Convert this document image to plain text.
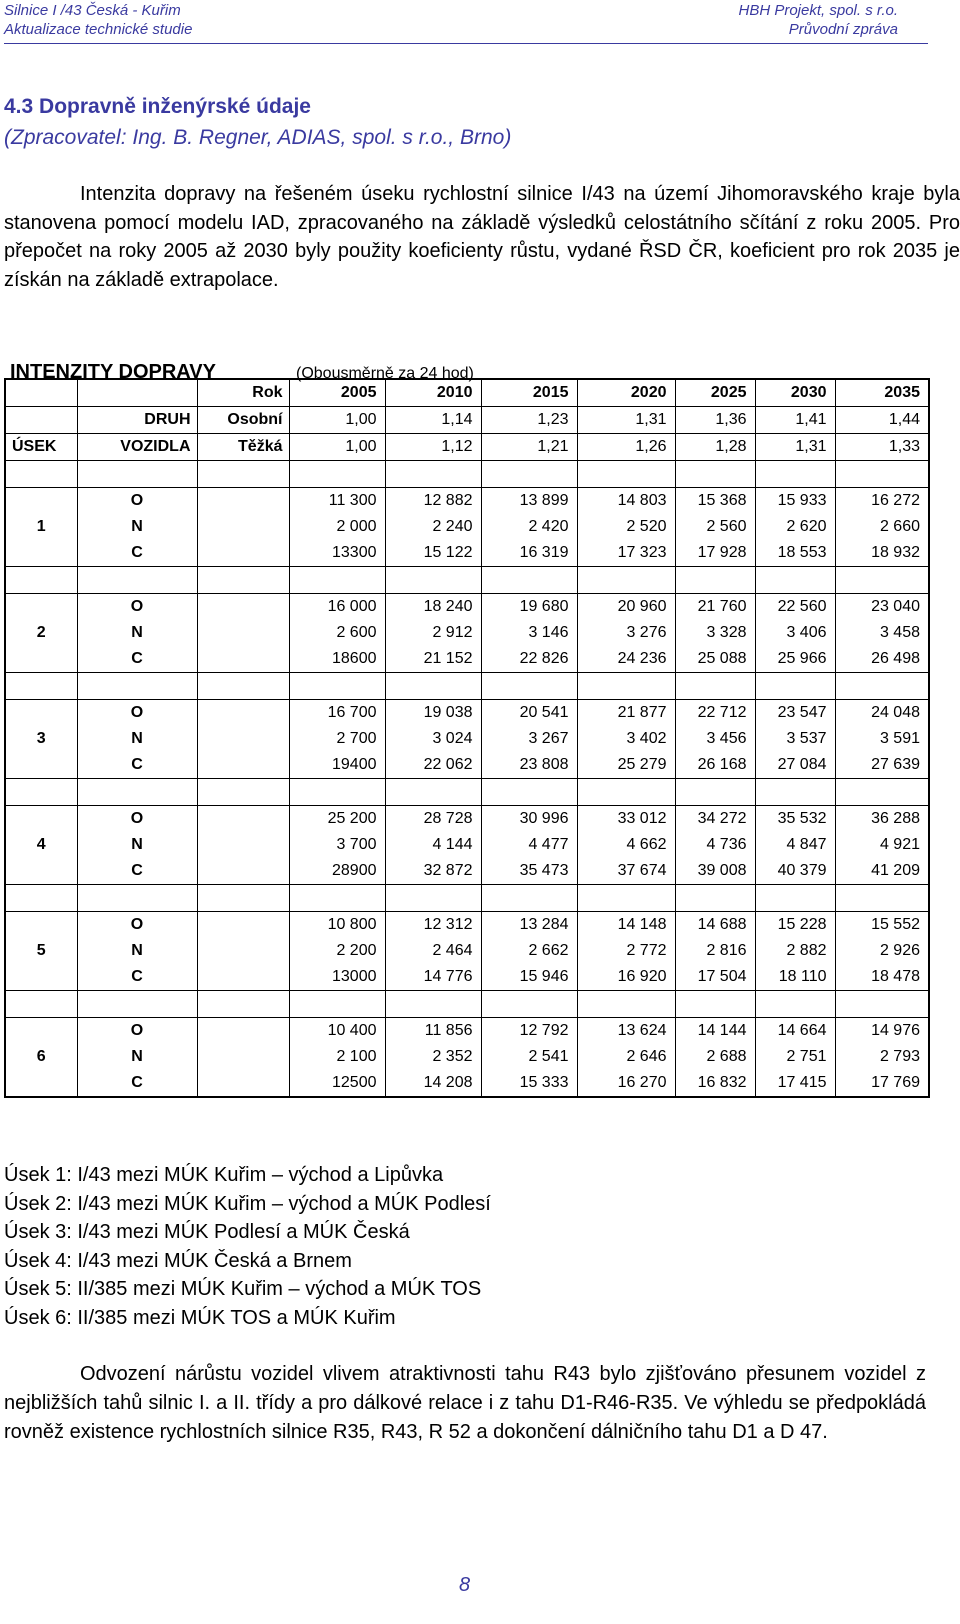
Silnice I /43 Česká - Kuřim
Aktualizace technické studie
HBH Projekt, spol. s r.o.
Průvodní zpráva
4.3 Dopravně inženýrské údaje
(Zpracovatel: Ing. B. Regner, ADIAS, spol. s r.o., Brno)

Intenzita dopravy na řešeném úseku rychlostní silnice I/43 na území Jihomoravského kraje byla stanovena pomocí modelu IAD, zpracovaného na základě výsledků celostátního sčítání z roku 2005. Pro přepočet na roky 2005 až 2030 byly použity koeficienty růstu, vydané ŘSD ČR, koeficient pro rok 2035 je získán na základě extrapolace.

INTENZITY DOPRAVY	(Obousměrně za 24 hod)
		Rok	2005	2010	2015	2020	2025	2030	2035
	DRUH	Osobní	1,00	1,14	1,23	1,31	1,36	1,41	1,44
ÚSEK	VOZIDLA	Těžká	1,00	1,12	1,21	1,26	1,28	1,31	1,33

	O		11 300	12 882	13 899	14 803	15 368	15 933	16 272
1	N		2 000	2 240	2 420	2 520	2 560	2 620	2 660
	C		13300	15 122	16 319	17 323	17 928	18 553	18 932

	O		16 000	18 240	19 680	20 960	21 760	22 560	23 040
2	N		2 600	2 912	3 146	3 276	3 328	3 406	3 458
	C		18600	21 152	22 826	24 236	25 088	25 966	26 498

	O		16 700	19 038	20 541	21 877	22 712	23 547	24 048
3	N		2 700	3 024	3 267	3 402	3 456	3 537	3 591
	C		19400	22 062	23 808	25 279	26 168	27 084	27 639

	O		25 200	28 728	30 996	33 012	34 272	35 532	36 288
4	N		3 700	4 144	4 477	4 662	4 736	4 847	4 921
	C		28900	32 872	35 473	37 674	39 008	40 379	41 209

	O		10 800	12 312	13 284	14 148	14 688	15 228	15 552
5	N		2 200	2 464	2 662	2 772	2 816	2 882	2 926
	C		13000	14 776	15 946	16 920	17 504	18 110	18 478

	O		10 400	11 856	12 792	13 624	14 144	14 664	14 976
6	N		2 100	2 352	2 541	2 646	2 688	2 751	2 793
	C		12500	14 208	15 333	16 270	16 832	17 415	17 769
Úsek 1: I/43 mezi MÚK Kuřim – východ a Lipůvka
Úsek 2: I/43 mezi MÚK Kuřim – východ a MÚK Podlesí
Úsek 3: I/43 mezi MÚK Podlesí a MÚK Česká
Úsek 4: I/43 mezi MÚK Česká a Brnem
Úsek 5: II/385 mezi MÚK Kuřim – východ a MÚK TOS
Úsek 6: II/385 mezi MÚK TOS a MÚK Kuřim

Odvození nárůstu vozidel vlivem atraktivnosti tahu R43 bylo zjišťováno přesunem vozidel z nejbližších tahů silnic I. a II. třídy a pro dálkové relace i z tahu D1-R46-R35. Ve výhledu se předpokládá rovněž existence rychlostních silnice R35, R43, R 52 a dokončení dálničního tahu D1 a D 47.

8
